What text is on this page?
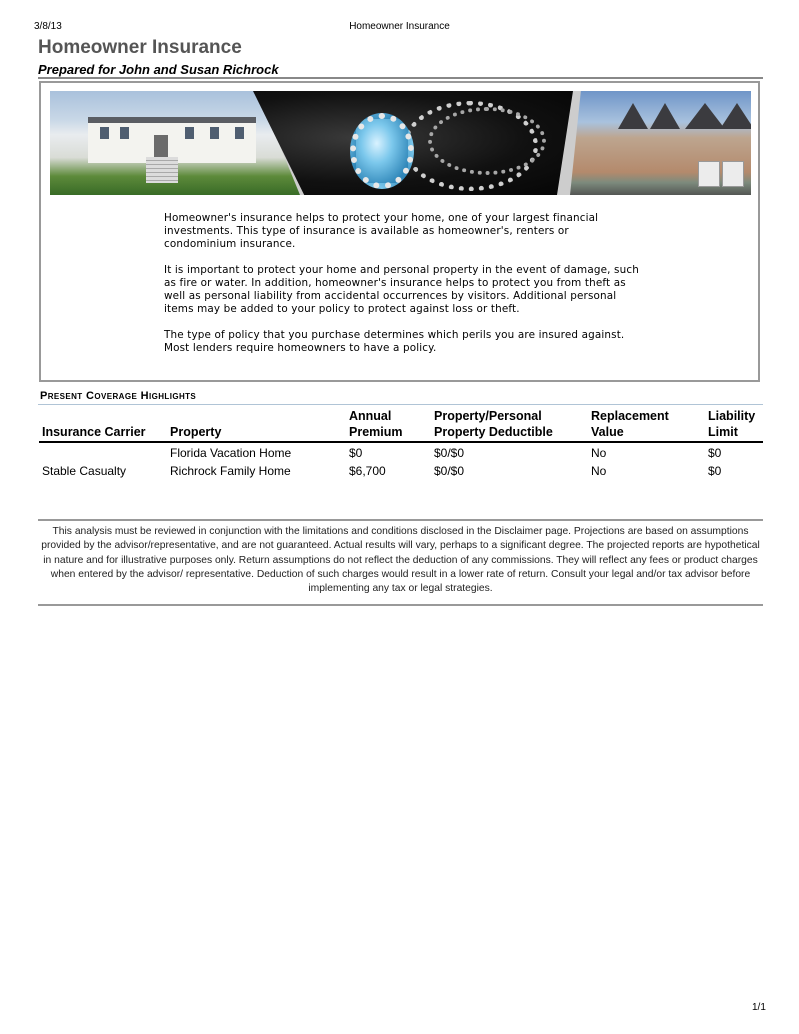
3/8/13	Homeowner Insurance
Homeowner Insurance
Prepared for John and Susan Richrock

Homeowner's insurance helps to protect your home, one of your largest financial investments. This type of insurance is available as homeowner's, renters or condominium insurance.

It is important to protect your home and personal property in the event of damage, such as fire or water. In addition, homeowner's insurance helps to protect you from theft as well as personal liability from accidental occurrences by visitors. Additional personal items may be added to your policy to protect against loss or theft.

The type of policy that you purchase determines which perils you are insured against. Most lenders require homeowners to have a policy.

Present Coverage Highlights
Insurance Carrier	Property	Annual Premium	Property/Personal Property Deductible	Replacement Value	Liability Limit
	Florida Vacation Home	$0	$0/$0	No	$0
Stable Casualty	Richrock Family Home	$6,700	$0/$0	No	$0
This analysis must be reviewed in conjunction with the limitations and conditions disclosed in the Disclaimer page. Projections are based on assumptions provided by the advisor/representative, and are not guaranteed. Actual results will vary, perhaps to a significant degree. The projected reports are hypothetical in nature and for illustrative purposes only. Return assumptions do not reflect the deduction of any commissions. They will reflect any fees or product charges when entered by the advisor/ representative. Deduction of such charges would result in a lower rate of return. Consult your legal and/or tax advisor before implementing any tax or legal strategies.
1/1
